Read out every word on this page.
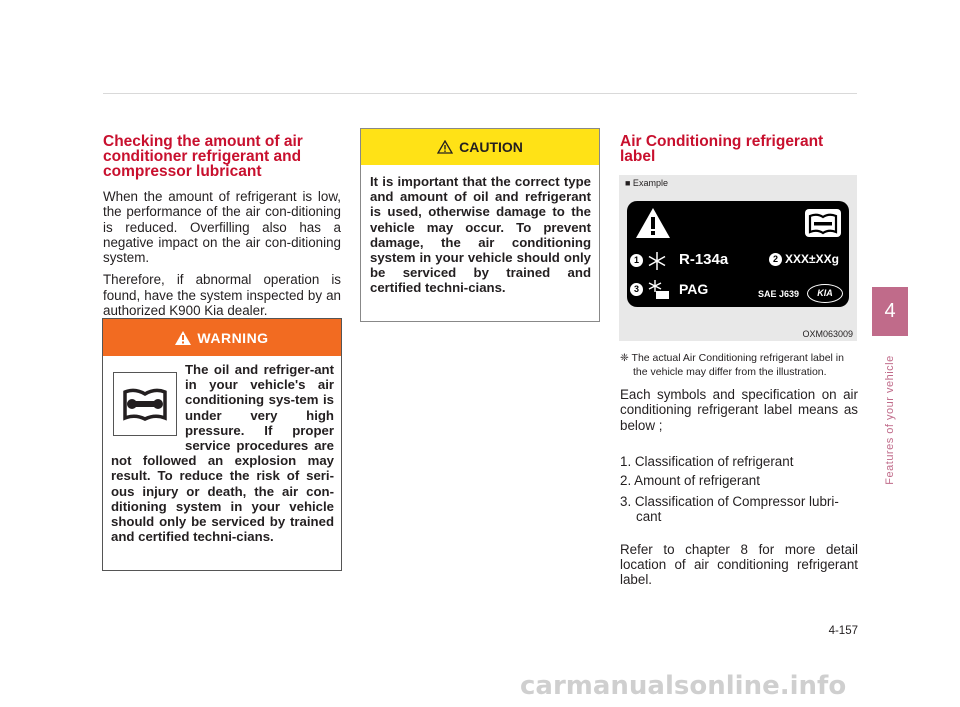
Checking the amount of air
conditioner refrigerant and
compressor lubricant

When the amount of refrigerant is low, the performance of the air con-ditioning is reduced. Overfilling also has a negative impact on the air con-ditioning system.

Therefore, if abnormal operation is found, have the system inspected by an authorized K900 Kia dealer.

WARNING
The oil and refriger-ant in your vehicle's air conditioning sys-tem is under very high pressure. If proper service procedures are not followed an explosion may result. To reduce the risk of seri-ous injury or death, the air con-ditioning system in your vehicle should only be serviced by trained and certified techni-cians.
CAUTION
It is important that the correct type and amount of oil and refrigerant is used, otherwise damage to the vehicle may occur. To prevent damage, the air conditioning system in your vehicle should only be serviced by trained and certified techni-cians.
Air Conditioning refrigerant
label
■ Example
1	R-134a	2 XXX±XXg
3	PAG	SAE J639	KIA
OXM063009

❈ The actual Air Conditioning refrigerant label in the vehicle may differ from the illustration.

Each symbols and specification on air conditioning refrigerant label means as below ;

1. Classification of refrigerant

2. Amount of refrigerant

3. Classification of Compressor lubri-

cant

Refer to chapter 8 for more detail location of air conditioning refrigerant label.

4
Features of your vehicle
4-157
carmanualsonline.info
